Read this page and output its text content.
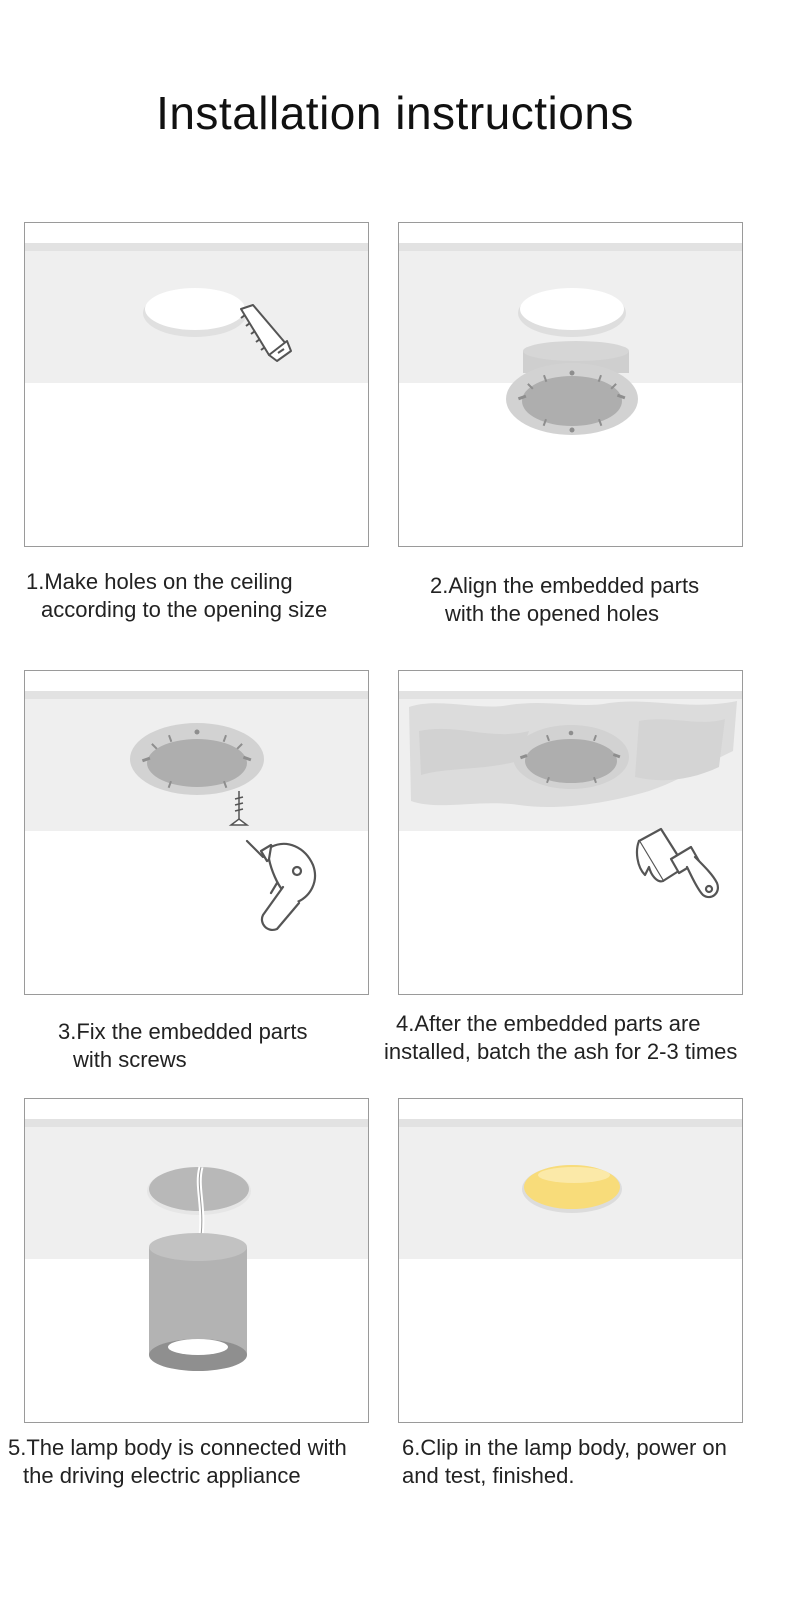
Installation instructions
1.Make holes on the ceiling
according to the opening size
2.Align the embedded parts
with the opened holes
3.Fix the embedded parts
with screws
4.After the embedded parts are
installed, batch the ash for 2-3 times
5.The lamp body is connected with
the driving electric appliance
6.Clip in the lamp body, power on
and test, finished.
